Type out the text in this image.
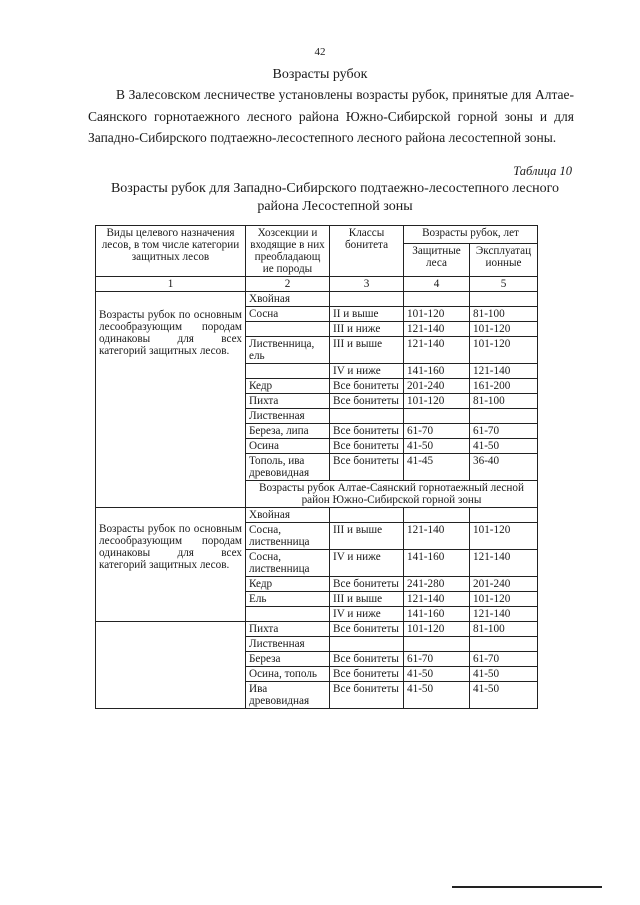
42
Возрасты рубок

В Залесовском лесничестве установлены возрасты рубок, принятые для Алтае-Саянского горнотаежного лесного района Южно-Сибирской горной зоны и для Западно-Сибирского подтаежно-лесостепного лесного района лесостепной зоны.

Таблица 10
Возрасты рубок для Западно-Сибирского подтаежно-лесостепного лесного района Лесостепной зоны
Виды целевого назначения лесов, в том числе категории защитных лесов	Хозсекции и входящие в них преобладающ ие породы	Классы бонитета	Возрасты рубок, лет	
			Защитные леса	Эксплуатац ионные
1	2	3	4	5

Возрасты рубок по основным лесообразующим породам одинаковы для всех категорий защитных лесов.	Хвойная			
	Сосна	II и выше	101-120	81-100
		III и ниже	121-140	101-120
	Лиственница, ель	III и выше	121-140	101-120
		IV и ниже	141-160	121-140
	Кедр	Все бонитеты	201-240	161-200
	Пихта	Все бонитеты	101-120	81-100
	Лиственная			
	Береза, липа	Все бонитеты	61-70	61-70
	Осина	Все бонитеты	41-50	41-50
	Тополь, ива древовидная	Все бонитеты	41-45	36-40
	Возрасты рубок Алтае-Саянский горнотаежный лесной район Южно-Сибирской горной зоны			

Возрасты рубок по основным лесообразующим породам одинаковы для всех категорий защитных лесов.	Хвойная			
	Сосна, лиственница	III и выше	121-140	101-120
	Сосна, лиственница	IV и ниже	141-160	121-140
	Кедр	Все бонитеты	241-280	201-240
	Ель	III и выше	121-140	101-120
		IV и ниже	141-160	121-140
	Пихта	Все бонитеты	101-120	81-100
	Лиственная			
	Береза	Все бонитеты	61-70	61-70
	Осина, тополь	Все бонитеты	41-50	41-50
	Ива древовидная	Все бонитеты	41-50	41-50
